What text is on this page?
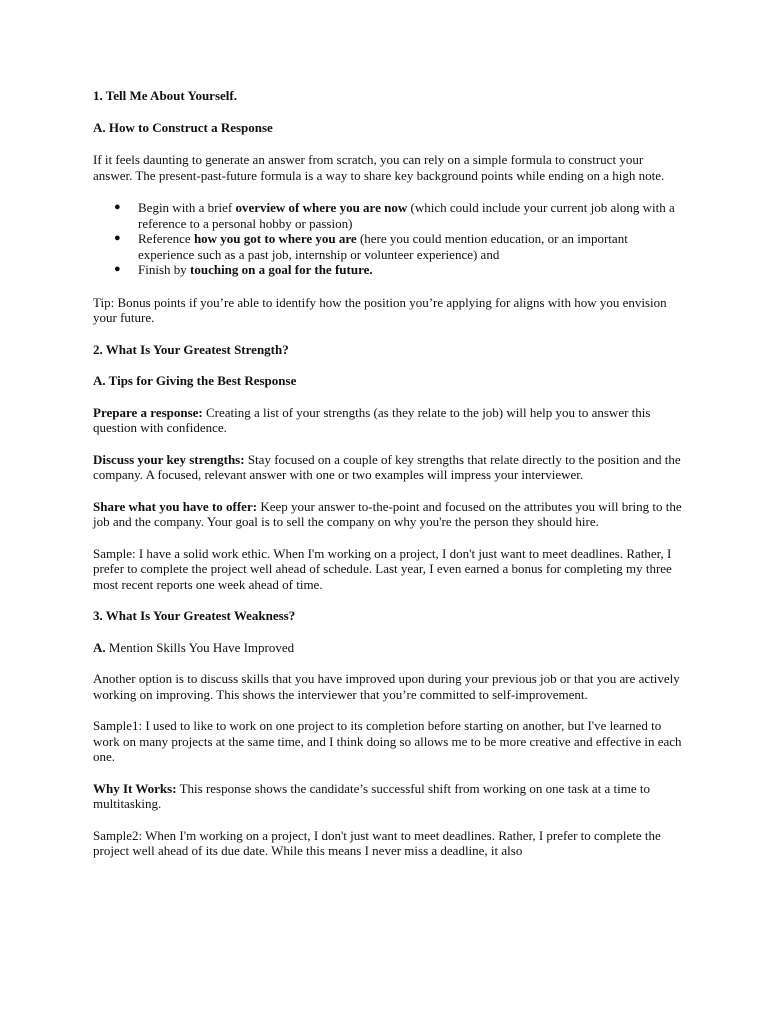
1. Tell Me About Yourself.

A. How to Construct a Response

If it feels daunting to generate an answer from scratch, you can rely on a simple formula to construct your answer. The present-past-future formula is a way to share key background points while ending on a high note.

● Begin with a brief overview of where you are now (which could include your current job along with a reference to a personal hobby or passion)
● Reference how you got to where you are (here you could mention education, or an important experience such as a past job, internship or volunteer experience) and
● Finish by touching on a goal for the future.

Tip: Bonus points if you’re able to identify how the position you’re applying for aligns with how you envision your future.

2. What Is Your Greatest Strength?

A. Tips for Giving the Best Response

Prepare a response: Creating a list of your strengths (as they relate to the job) will help you to answer this question with confidence.

Discuss your key strengths: Stay focused on a couple of key strengths that relate directly to the position and the company. A focused, relevant answer with one or two examples will impress your interviewer.

Share what you have to offer: Keep your answer to-the-point and focused on the attributes you will bring to the job and the company. Your goal is to sell the company on why you're the person they should hire.

Sample: I have a solid work ethic. When I'm working on a project, I don't just want to meet deadlines. Rather, I prefer to complete the project well ahead of schedule. Last year, I even earned a bonus for completing my three most recent reports one week ahead of time.

3. What Is Your Greatest Weakness?

A. Mention Skills You Have Improved

Another option is to discuss skills that you have improved upon during your previous job or that you are actively working on improving. This shows the interviewer that you’re committed to self-improvement.

Sample1: I used to like to work on one project to its completion before starting on another, but I've learned to work on many projects at the same time, and I think doing so allows me to be more creative and effective in each one.

Why It Works: This response shows the candidate’s successful shift from working on one task at a time to multitasking.

Sample2: When I'm working on a project, I don't just want to meet deadlines. Rather, I prefer to complete the project well ahead of its due date. While this means I never miss a deadline, it also
